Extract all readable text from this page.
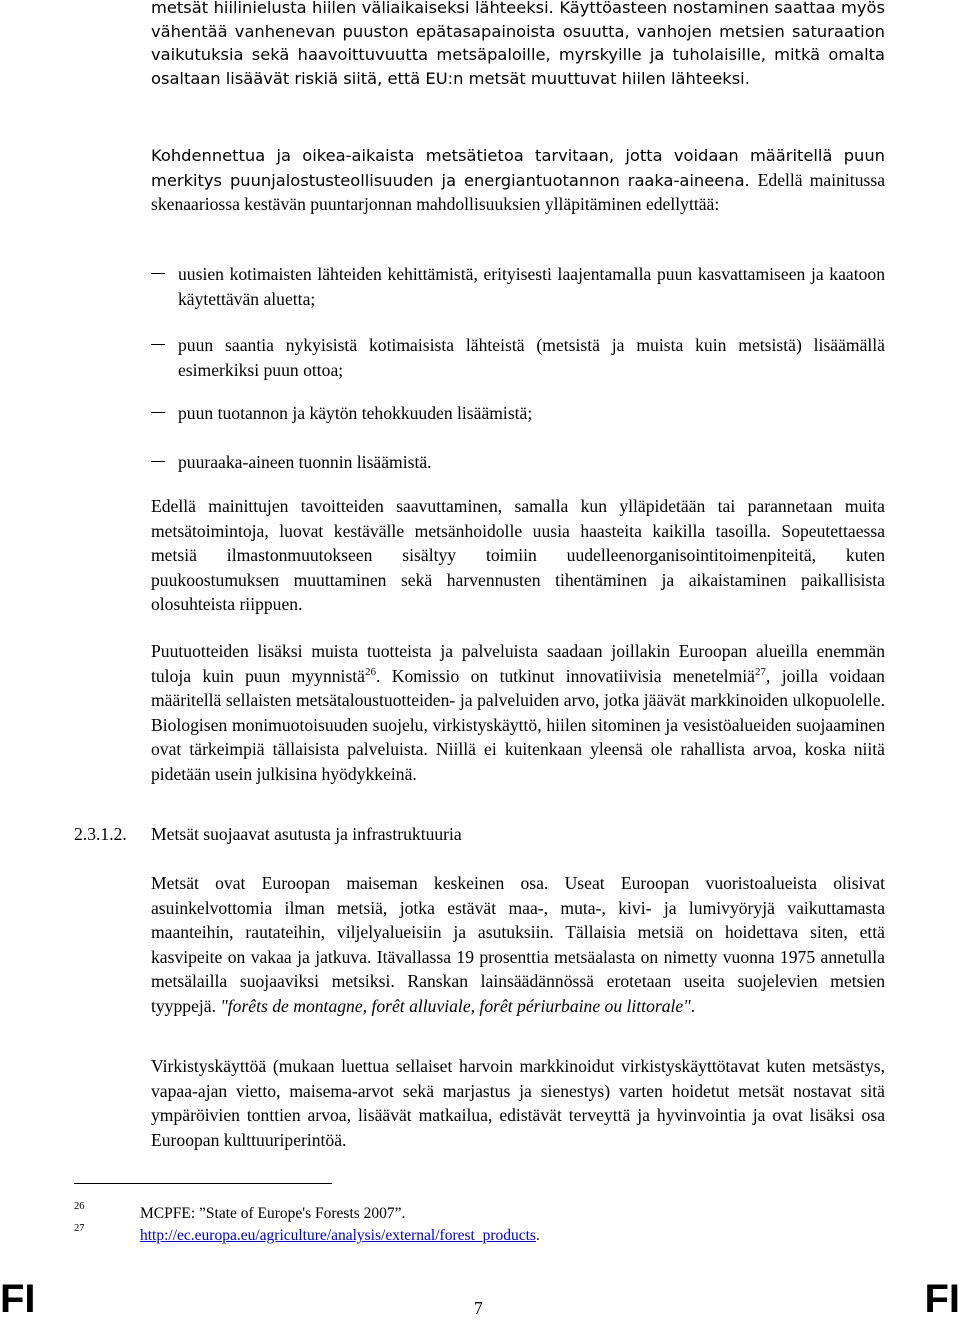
metsät hiilinielusta hiilen väliaikaiseksi lähteeksi. Käyttöasteen nostaminen saattaa myös vähentää vanhenevan puuston epätasapainoista osuutta, vanhojen metsien saturaation vaikutuksia sekä haavoittuvuutta metsäpaloille, myrskyille ja tuholaisille, mitkä omalta osaltaan lisäävät riskiä siitä, että EU:n metsät muuttuvat hiilen lähteeksi.

Kohdennettua ja oikea-aikaista metsätietoa tarvitaan, jotta voidaan määritellä puun merkitys puunjalostusteollisuuden ja energiantuotannon raaka-aineena. Edellä mainitussa skenaariossa kestävän puuntarjonnan mahdollisuuksien ylläpitäminen edellyttää:

uusien kotimaisten lähteiden kehittämistä, erityisesti laajentamalla puun kasvattamiseen ja kaatoon käytettävän aluetta;
puun saantia nykyisistä kotimaisista lähteistä (metsistä ja muista kuin metsistä) lisäämällä esimerkiksi puun ottoa;
puun tuotannon ja käytön tehokkuuden lisäämistä;
puuraaka-aineen tuonnin lisäämistä.

Edellä mainittujen tavoitteiden saavuttaminen, samalla kun ylläpidetään tai parannetaan muita metsätoimintoja, luovat kestävälle metsänhoidolle uusia haasteita kaikilla tasoilla. Sopeutettaessa metsiä ilmastonmuutokseen sisältyy toimiin uudelleenorganisointitoimenpiteitä, kuten puukoostumuksen muuttaminen sekä harvennusten tihentäminen ja aikaistaminen paikallisista olosuhteista riippuen.

Puutuotteiden lisäksi muista tuotteista ja palveluista saadaan joillakin Euroopan alueilla enemmän tuloja kuin puun myynnistä$^{26}$. Komissio on tutkinut innovatiivisia menetelmiä$^{27}$, joilla voidaan määritellä sellaisten metsätaloustuotteiden- ja palveluiden arvo, jotka jäävät markkinoiden ulkopuolelle. Biologisen monimuotoisuuden suojelu, virkistyskäyttö, hiilen sitominen ja vesistöalueiden suojaaminen ovat tärkeimpiä tällaisista palveluista. Niillä ei kuitenkaan yleensä ole rahallista arvoa, koska niitä pidetään usein julkisina hyödykkeinä.

2.3.1.2. Metsät suojaavat asutusta ja infrastruktuuria

Metsät ovat Euroopan maiseman keskeinen osa. Useat Euroopan vuoristoalueista olisivat asuinkelvottomia ilman metsiä, jotka estävät maa-, muta-, kivi- ja lumivyöryjä vaikuttamasta maanteihin, rautateihin, viljelyalueisiin ja asutuksiin. Tällaisia metsiä on hoidettava siten, että kasvipeite on vakaa ja jatkuva. Itävallassa 19 prosenttia metsäalasta on nimetty vuonna 1975 annetulla metsälailla suojaaviksi metsiksi. Ranskan lainsäädännössä erotetaan useita suojelevien metsien tyyppejä. "forêts de montagne, forêt alluviale, forêt périurbaine ou littorale".

Virkistyskäyttöä (mukaan luettua sellaiset harvoin markkinoidut virkistyskäyttötavat kuten metsästys, vapaa-ajan vietto, maisema-arvot sekä marjastus ja sienestys) varten hoidetut metsät nostavat sitä ympäröivien tonttien arvoa, lisäävät matkailua, edistävät terveyttä ja hyvinvointia ja ovat lisäksi osa Euroopan kulttuuriperintöä.

26	MCPFE: ”State of Europe's Forests 2007”.
27	http://ec.europa.eu/agriculture/analysis/external/forest_products.
FI	7	FI
